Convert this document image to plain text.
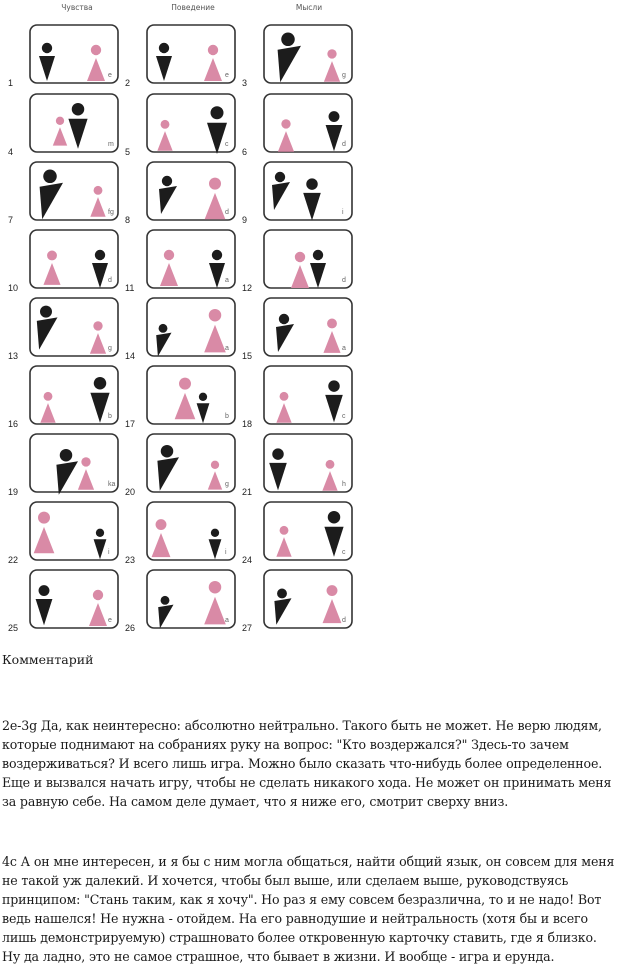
Чувства	Поведение	Мысли
1
e
2
e
3
g
4
m
5
c
6
d
7
fg
8
d
9
i
10
d
11
a
12
d
13
g
14
a
15
a
16
b
17
b
18
c
19
ka
20
g
21
h
22
i
23
i
24
c
25
e
26
a
27
d
Комментарий
2e-3g Да, как неинтересно: абсолютно нейтрально. Такого быть не может. Не верю людям,
которые поднимают на собраниях руку на вопрос: "Кто воздержался?" Здесь-то зачем
воздерживаться? И всего лишь игра. Можно было сказать что-нибудь более определенное.
Еще и вызвался начать игру, чтобы не сделать никакого хода. Не может он принимать меня
за равную себе. На самом деле думает, что я ниже его, смотрит сверху вниз.
4c А он мне интересен, и я бы с ним могла общаться, найти общий язык, он совсем для меня
не такой уж далекий. И хочется, чтобы был выше, или сделаем выше, руководствуясь
принципом: "Стань таким, как я хочу". Но раз я ему совсем безразлична, то и не надо! Вот
ведь нашелся! Не нужна - отойдем. На его равнодушие и нейтральность (хотя бы и всего
лишь демонстрируемую) страшновато более откровенную карточку ставить, где я близко.
Ну да ладно, это не самое страшное, что бывает в жизни. И вообще - игра и ерунда.
